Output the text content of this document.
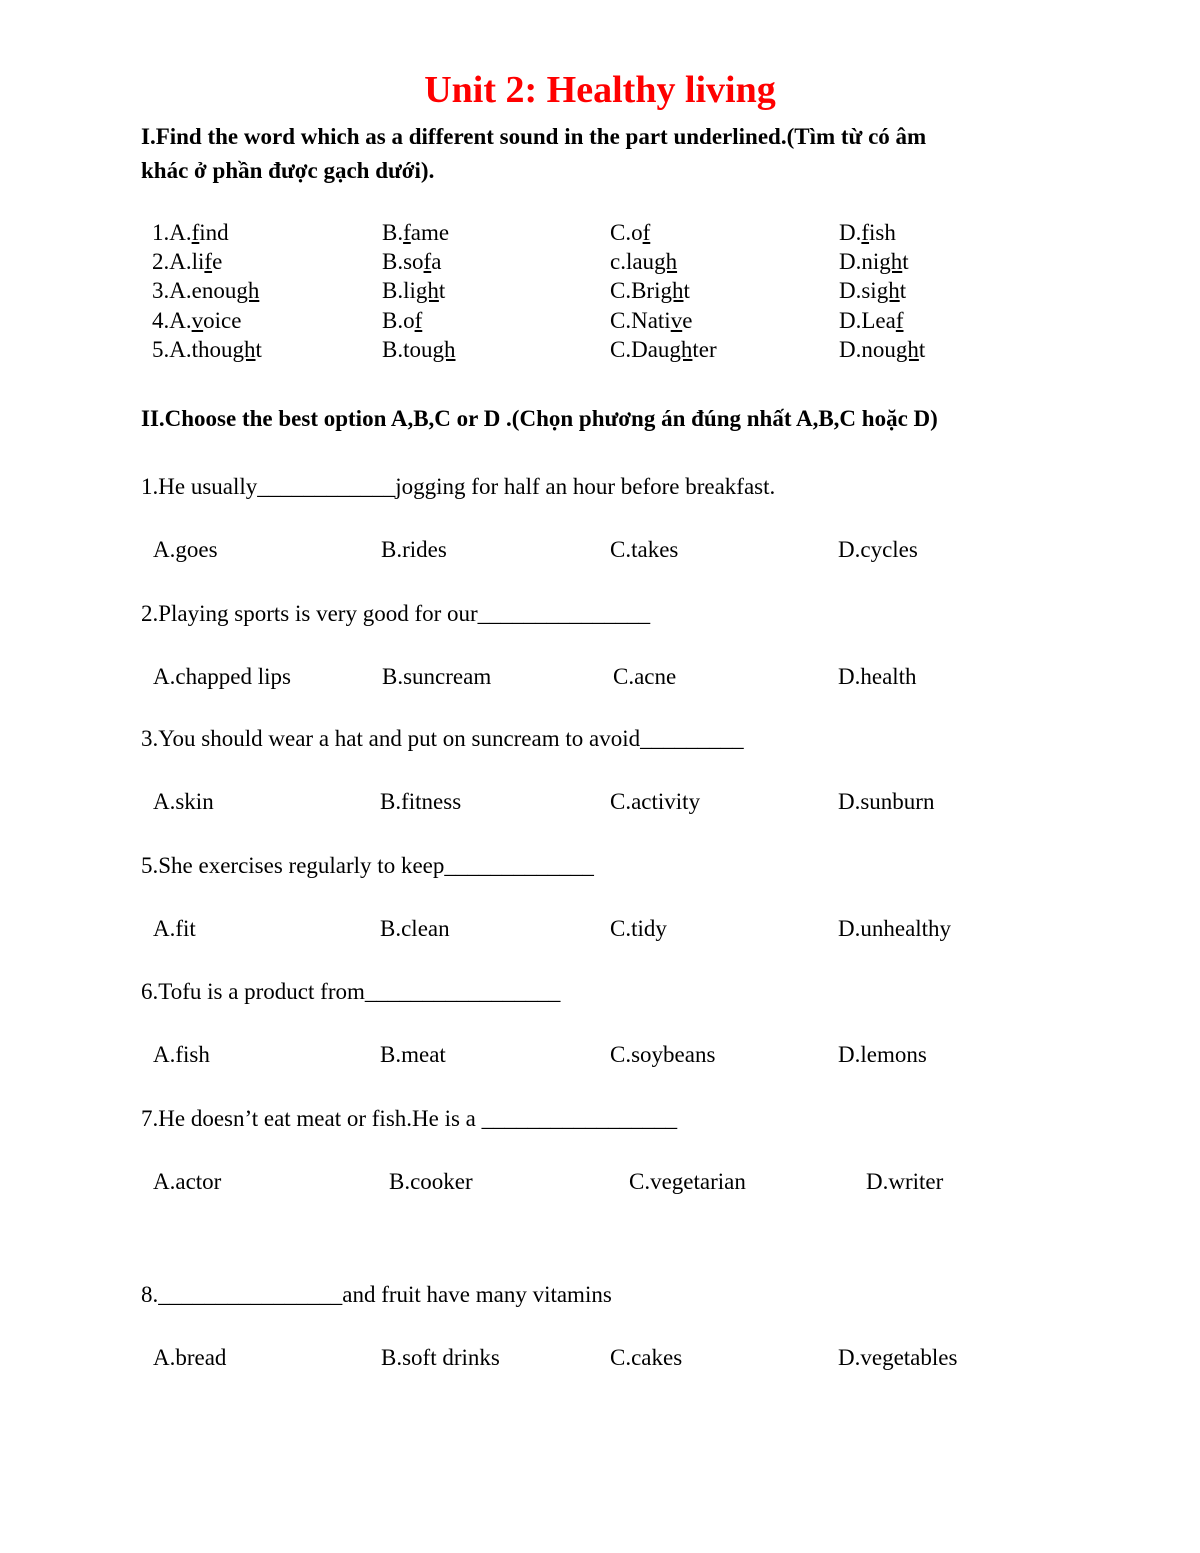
Unit 2: Healthy living
I.Find the word which as a different sound in the part underlined.(Tìm từ có âm
khác ở phần được gạch dưới).
1.A.find	B.fame	C.of	D.fish
2.A.life	B.sofa	c.laugh	D.night
3.A.enough	B.light	C.Bright	D.sight
4.A.voice	B.of	C.Native	D.Leaf
5.A.thought	B.tough	C.Daughter	D.nought
II.Choose the best option A,B,C or D .(Chọn phương án đúng nhất A,B,C hoặc D)
1.He usually____________jogging for half an hour before breakfast.
A.goes	B.rides	C.takes	D.cycles
2.Playing sports is very good for our_______________
A.chapped lips	B.suncream	C.acne	D.health
3.You should wear a hat and put on suncream to avoid_________
A.skin	B.fitness	C.activity	D.sunburn
5.She exercises regularly to keep_____________
A.fit	B.clean	C.tidy	D.unhealthy
6.Tofu is a product from_________________
A.fish	B.meat	C.soybeans	D.lemons
7.He doesn’t eat meat or fish.He is a _________________
A.actor	B.cooker	C.vegetarian	D.writer
8.________________and fruit have many vitamins
A.bread	B.soft drinks	C.cakes	D.vegetables
